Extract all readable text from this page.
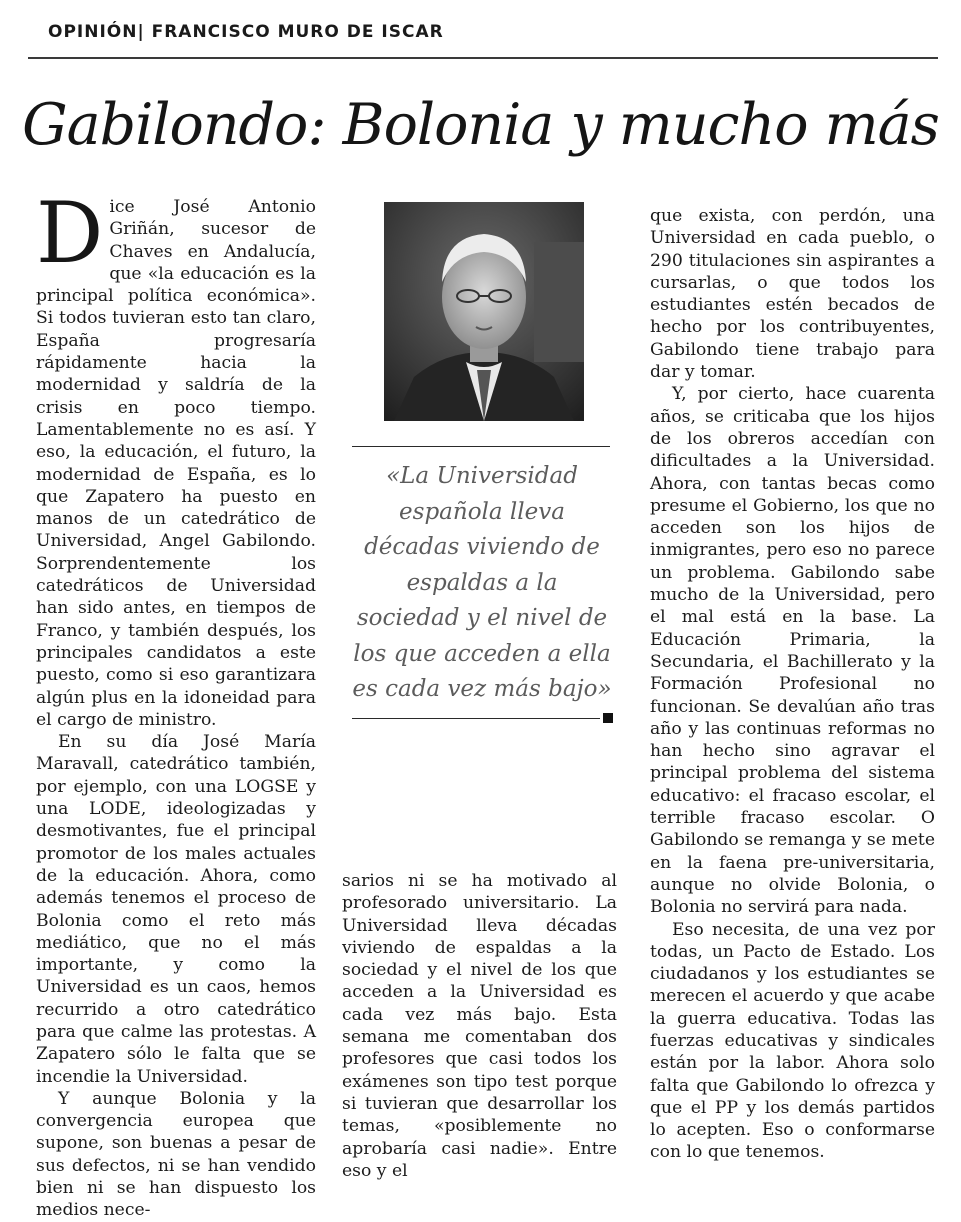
OPINIÓN| FRANCISCO MURO DE ISCAR
Gabilondo: Bolonia y mucho más

Dice José Antonio Griñán, sucesor de Chaves en Andalucía, que «la educación es la principal política económica». Si todos tuvieran esto tan claro, España progresaría rápidamente hacia la modernidad y saldría de la crisis en poco tiempo. Lamentablemente no es así. Y eso, la educación, el futuro, la modernidad de España, es lo que Zapatero ha puesto en manos de un catedrático de Universidad, Angel Gabilondo. Sorprendentemente los catedráticos de Universidad han sido antes, en tiempos de Franco, y también después, los principales candidatos a este puesto, como si eso garantizara algún plus en la idoneidad para el cargo de ministro.

En su día José María Maravall, catedrático también, por ejemplo, con una LOGSE y una LODE, ideologizadas y desmotivantes, fue el principal promotor de los males actuales de la educación. Ahora, como además tenemos el proceso de Bolonia como el reto más mediático, que no el más importante, y como la Universidad es un caos, hemos recurrido a otro catedrático para que calme las protestas. A Zapatero sólo le falta que se incendie la Universidad.

Y aunque Bolonia y la convergencia europea que supone, son buenas a pesar de sus defectos, ni se han vendido bien ni se han dispuesto los medios nece-

«La Universidad española lleva décadas viviendo de espaldas a la sociedad y el nivel de los que acceden a ella es cada vez más bajo»

sarios ni se ha motivado al profesorado universitario. La Universidad lleva décadas viviendo de espaldas a la sociedad y el nivel de los que acceden a la Universidad es cada vez más bajo. Esta semana me comentaban dos profesores que casi todos los exámenes son tipo test porque si tuvieran que desarrollar los temas, «posiblemente no aprobaría casi nadie». Entre eso y el

que exista, con perdón, una Universidad en cada pueblo, o 290 titulaciones sin aspirantes a cursarlas, o que todos los estudiantes estén becados de hecho por los contribuyentes, Gabilondo tiene trabajo para dar y tomar.

Y, por cierto, hace cuarenta años, se criticaba que los hijos de los obreros accedían con dificultades a la Universidad. Ahora, con tantas becas como presume el Gobierno, los que no acceden son los hijos de inmigrantes, pero eso no parece un problema. Gabilondo sabe mucho de la Universidad, pero el mal está en la base. La Educación Primaria, la Secundaria, el Bachillerato y la Formación Profesional no funcionan. Se devalúan año tras año y las continuas reformas no han hecho sino agravar el principal problema del sistema educativo: el fracaso escolar, el terrible fracaso escolar. O Gabilondo se remanga y se mete en la faena pre-universitaria, aunque no olvide Bolonia, o Bolonia no servirá para nada.

Eso necesita, de una vez por todas, un Pacto de Estado. Los ciudadanos y los estudiantes se merecen el acuerdo y que acabe la guerra educativa. Todas las fuerzas educativas y sindicales están por la labor. Ahora solo falta que Gabilondo lo ofrezca y que el PP y los demás partidos lo acepten. Eso o conformarse con lo que tenemos.
